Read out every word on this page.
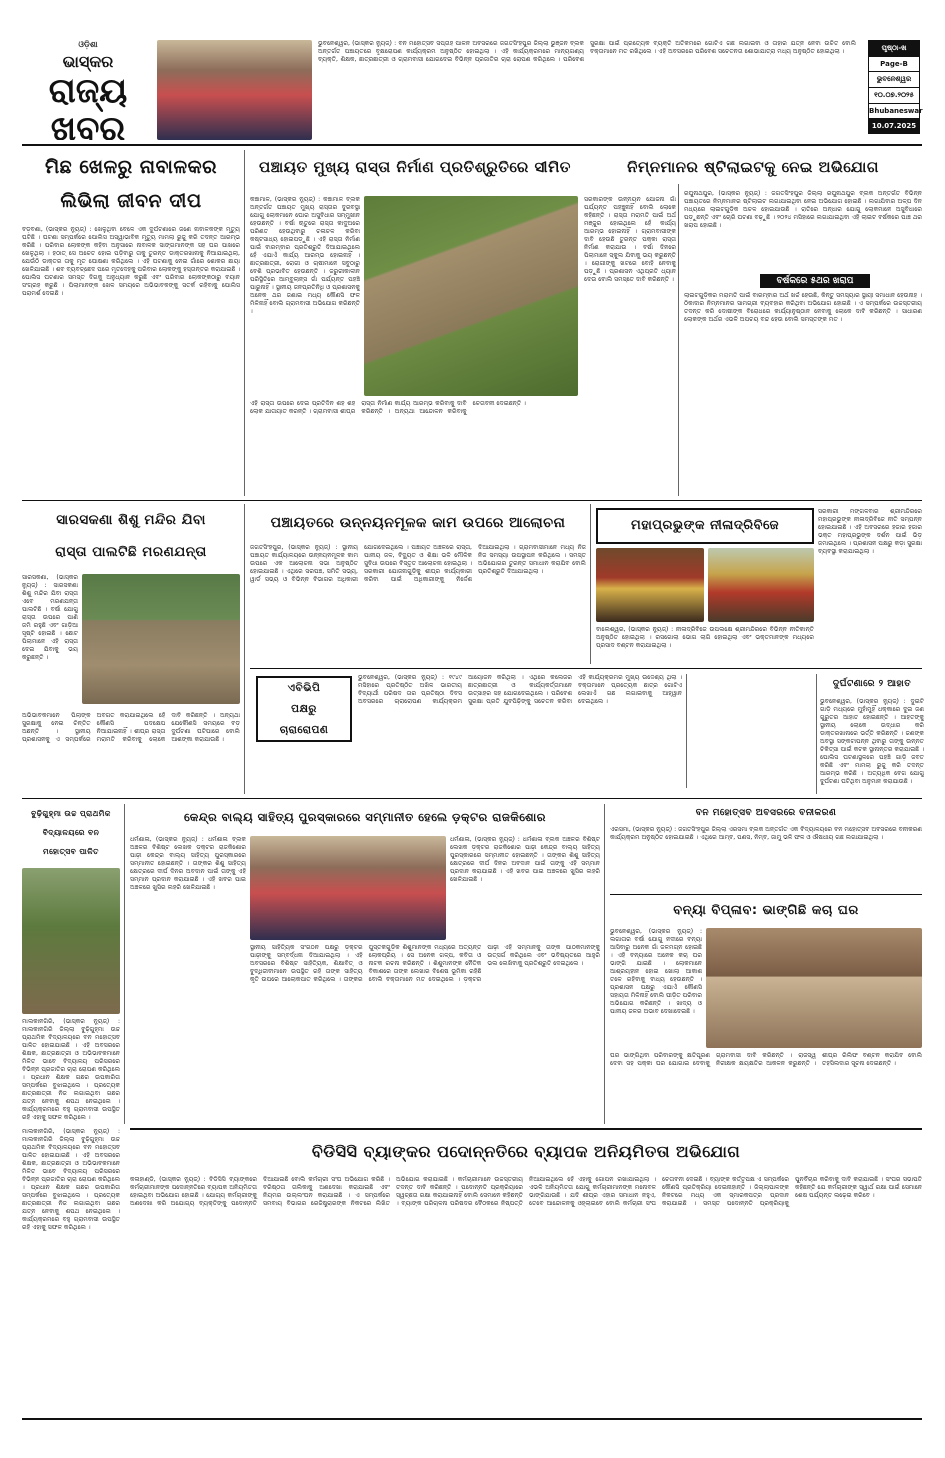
ଓଡ଼ିଶା
ଭାସ୍କର
ରାଜ୍ୟ
ଖବର
ଭୁବନେଶ୍ୱର, (ଭାସ୍କର ନ୍ୟୁଜ୍) : ବନ ମହୋତ୍ସବ ସପ୍ତାହ ପାଳନ ଅବସରରେ ଜଗତସିଂହପୁର ଜିଲ୍ଲା ଭୁଞ୍ଜନ ବ୍ଲକ ଅନ୍ତର୍ଗତ ପଞ୍ଚାୟତରେ ବୃକ୍ଷରୋପଣ କାର୍ଯ୍ୟକ୍ରମ ଅନୁଷ୍ଠିତ ହୋଇଥିଲା । ଏହି କାର୍ଯ୍ୟକ୍ରମରେ ମାନ୍ୟଗଣ୍ୟ ବ୍ୟକ୍ତି, ଶିକ୍ଷକ, ଛାତ୍ରଛାତ୍ରୀ ଓ ଗ୍ରାମବାସୀ ଯୋଗଦେଇ ବିଭିନ୍ନ ପ୍ରଜାତିର ଚାରା ରୋପଣ କରିଥିଲେ । ପରିବେଶ ସୁରକ୍ଷା ପାଇଁ ପ୍ରତ୍ୟେକ ବ୍ୟକ୍ତି ଅତିକମରେ ଗୋଟିଏ ଗଛ ଲଗାଇବା ଓ ତାହାର ଯତ୍ନ ନେବା ଉଚିତ ବୋଲି ବକ୍ତାମାନେ ମତ ରଖିଥିଲେ । ଏହି ଅବସରରେ ପରିବେଶ ସଚେତନତା ଶୋଭାଯାତ୍ରା ମଧ୍ୟ ଅନୁଷ୍ଠିତ ହୋଇଥିଲା ।	ପୃଷ୍ଠା-ଖ
Page-B
ଭୁବନେଶ୍ୱର
୧୦.୦୭.୨୦୨୫
Bhubaneswar
10.07.2025
ମିଛ ଖେଳରୁ ନାବାଳକର
ଲିଭିଲା ଜୀବନ ଦୀପ
ବଡ଼ବଣା, (ଭାସ୍କର ନ୍ୟୁଜ୍) : ଖେଳୁଥିବା ବେଳେ ଏକ ଦୁର୍ଘଟଣାରେ ଜଣେ ନାବାଳକଙ୍କ ମୃତ୍ୟୁ ଘଟିଛି । ଘଟଣା ସମ୍ପର୍କରେ ପୋଲିସ ଅସ୍ୱାଭାବିକ ମୃତ୍ୟୁ ମାମଲା ରୁଜୁ କରି ତଦନ୍ତ ଆରମ୍ଭ କରିଛି । ପରିବାର ଲୋକଙ୍କ କହିବା ଅନୁସାରେ ନାବାଳକ ସାଙ୍ଗମାନଙ୍କ ସହ ଘର ପାଖରେ ଖେଳୁଥିଲା । ହଠାତ୍ ସେ ଅଚେତ ହୋଇ ପଡ଼ିବାରୁ ତାକୁ ତୁରନ୍ତ ଡାକ୍ତରଖାନାକୁ ନିଆଯାଇଥିଲା, ଯେଉଁଠି ଡାକ୍ତର ତାକୁ ମୃତ ଘୋଷଣା କରିଥିଲେ । ଏହି ଘଟଣାକୁ ନେଇ ଗାଁରେ ଶୋକର ଛାୟା ଖେଳିଯାଇଛି । ଶବ ବ୍ୟବଚ୍ଛେଦ ପରେ ମୃତଦେହକୁ ପରିବାର ଲୋକଙ୍କୁ ହସ୍ତାନ୍ତର କରାଯାଇଛି । ପୋଲିସ ଘଟଣାର ସମସ୍ତ ଦିଗକୁ ଅନୁଧ୍ୟାନ କରୁଛି ଏବଂ ପରିବାର ଲୋକଙ୍କଠାରୁ ବୟାନ ସଂଗ୍ରହ କରୁଛି । ପିଲାମାନଙ୍କ ଖେଳ ସମୟରେ ଅଭିଭାବକଙ୍କୁ ସତର୍କ ରହିବାକୁ ପୋଲିସ ପରାମର୍ଶ ଦେଇଛି ।
ପଞ୍ଚାୟତ ମୁଖ୍ୟ ରାସ୍ତା ନିର୍ମାଣ ପ୍ରତିଶ୍ରୁତିରେ ସୀମିତ
କଞ୍ଚାମାଳ, (ଭାସ୍କର ନ୍ୟୁଜ୍) : କଞ୍ଚାମାଳ ବ୍ଲକ ଅନ୍ତର୍ଗତ ପଞ୍ଚାୟତ ମୁଖ୍ୟ ରାସ୍ତାର ଦୁରବସ୍ଥା ଯୋଗୁ ଲୋକମାନେ ଘୋର ଅସୁବିଧାର ସମ୍ମୁଖୀନ ହେଉଛନ୍ତି । ବର୍ଷା ଋତୁରେ ରାସ୍ତା କାଦୁଅରେ ପରିଣତ ହେଉଥିବାରୁ ଚଳାଚଳ କରିବା କଷ୍ଟସାଧ୍ୟ ହୋଇପଡ଼ୁଛି । ଏହି ରାସ୍ତା ନିର୍ମାଣ ପାଇଁ ବାରମ୍ବାର ପ୍ରତିଶ୍ରୁତି ଦିଆଯାଇଥିଲେ ହେଁ ଏଯାଏଁ କାର୍ଯ୍ୟ ଆରମ୍ଭ ହୋଇନାହିଁ । ଛାତ୍ରଛାତ୍ରୀ, ରୋଗୀ ଓ ଚାଷୀମାନେ ସବୁଠାରୁ ବେଶି ପ୍ରଭାବିତ ହେଉଛନ୍ତି । ଜରୁରୀକାଳୀନ ପରିସ୍ଥିତିରେ ଆମ୍ବୁଲାନ୍ସ ଗାଁ ପର୍ଯ୍ୟନ୍ତ ପହଞ୍ଚି ପାରୁନାହିଁ । ସ୍ଥାନୀୟ ଜନପ୍ରତିନିଧି ଓ ପ୍ରଶାସନକୁ ଅନେକ ଥର ଜଣାଇ ମଧ୍ୟ କୌଣସି ଫଳ ମିଳିନାହିଁ ବୋଲି ଗ୍ରାମବାସୀ ଅଭିଯୋଗ କରିଛନ୍ତି ।
ଏହି ରାସ୍ତା ଉପରେ ଦେଇ ପ୍ରତିଦିନ ଶହ ଶହ ଲୋକ ଯାତାୟାତ କରନ୍ତି । ଗ୍ରାମବାସୀ ଶୀଘ୍ର ରାସ୍ତା ନିର୍ମାଣ କାର୍ଯ୍ୟ ଆରମ୍ଭ କରିବାକୁ ଦାବି କରିଛନ୍ତି । ଅନ୍ୟଥା ଆନ୍ଦୋଳନ କରିବାକୁ ଚେତାବନୀ ଦେଇଛନ୍ତି ।
ସରକାରଙ୍କ ଉନ୍ନୟନ ଯୋଜନା ଗାଁ ପର୍ଯ୍ୟନ୍ତ ପହଞ୍ଚୁନାହିଁ ବୋଲି ଲୋକେ କହିଛନ୍ତି । ରାସ୍ତା ମରାମତି ପାଇଁ ଅର୍ଥ ମଞ୍ଜୁର ହୋଇଥିଲେ ହେଁ କାର୍ଯ୍ୟ ଆରମ୍ଭ ହୋଇନାହିଁ । ଗ୍ରାମବାସୀଙ୍କ ଦାବି ହେଉଛି ତୁରନ୍ତ ପକ୍କା ରାସ୍ତା ନିର୍ମାଣ କରାଯାଉ । ବର୍ଷା ଦିନରେ ପିଲାମାନେ ସ୍କୁଲ ଯିବାକୁ ଭୟ କରୁଛନ୍ତି । ରୋଗୀଙ୍କୁ ଖଟରେ ବୋହି ନେବାକୁ ପଡ଼ୁଛି । ପ୍ରଶାସନ ଏଥିପ୍ରତି ଧ୍ୟାନ ଦେଉ ବୋଲି ସମସ୍ତେ ଦାବି କରିଛନ୍ତି ।
ନିମ୍ନମାନର ଷ୍ଟିଲାଇଟକୁ ନେଇ ଅଭିଯୋଗ
ରଘୁନାଥପୁର, (ଭାସ୍କର ନ୍ୟୁଜ୍) : ଜଗତସିଂହପୁର ଜିଲ୍ଲା ରଘୁନାଥପୁର ବ୍ଲକ ଅନ୍ତର୍ଗତ ବିଭିନ୍ନ ପଞ୍ଚାୟତରେ ନିମ୍ନମାନର ଷ୍ଟିଲାଇଟ ଲଗାଯାଇଥିବା ନେଇ ଅଭିଯୋଗ ହୋଇଛି । ଲଗାଯିବାର ଅଳ୍ପ ଦିନ ମଧ୍ୟରେ ଲାଇଟଗୁଡ଼ିକ ଅଚଳ ହୋଇଯାଉଛି । ରାତିରେ ଅନ୍ଧାର ଯୋଗୁ ଲୋକମାନେ ଅସୁବିଧାରେ ପଡ଼ୁଛନ୍ତି ଏବଂ ଚୋରି ଘଟଣା ବଢ଼ୁଛି । ୨୦୨୪ ମସିହାରେ ଲଗାଯାଇଥିବା ଏହି ଲାଇଟ ବର୍ଷକରେ ପାଞ୍ଚ ଥର ଖରାପ ହୋଇଛି ।
ବର୍ଷକରେ ୫ଥର ଖରାପ
ଲାଇଟଗୁଡ଼ିକର ମରାମତି ପାଇଁ ବାରମ୍ବାର ଅର୍ଥ ଖର୍ଚ୍ଚ ହେଉଛି, କିନ୍ତୁ ସମସ୍ୟାର ସ୍ଥାୟୀ ସମାଧାନ ହେଉନାହିଁ । ଠିକାଦାର ନିମ୍ନମାନର ସାମଗ୍ରୀ ବ୍ୟବହାର କରିଥିବା ଅଭିଯୋଗ ହୋଇଛି । ଏ ସମ୍ପର୍କରେ ଉଚ୍ଚସ୍ତରୀୟ ତଦନ୍ତ କରି ଦୋଷୀଙ୍କ ବିରୋଧରେ କାର୍ଯ୍ୟାନୁଷ୍ଠାନ ନେବାକୁ ଲୋକେ ଦାବି କରିଛନ୍ତି । ସାଧାରଣ ଲୋକଙ୍କ ଅର୍ଥର ଏଭଳି ଅପଚୟ ବନ୍ଦ ହେଉ ବୋଲି ସମସ୍ତଙ୍କ ମତ ।
ସାରସକଣା ଶିଶୁ ମନ୍ଦିର ଯିବା
ରାସ୍ତା ପାଲଟିଛି ମରଣଯନ୍ତା
ସାରସକଣା, (ଭାସ୍କର ନ୍ୟୁଜ୍) : ସାରସକଣା ଶିଶୁ ମନ୍ଦିର ଯିବା ରାସ୍ତା ଏବେ ମରଣଯନ୍ତା ପାଲଟିଛି । ବର୍ଷା ଯୋଗୁ ରାସ୍ତା ଉପରେ ପାଣି ଜମି ରହୁଛି ଏବଂ ଗାଡ଼ିଆ ସୃଷ୍ଟି ହୋଇଛି । ଛୋଟ ପିଲାମାନେ ଏହି ରାସ୍ତା ଦେଇ ଯିବାକୁ ଭୟ କରୁଛନ୍ତି ।
ଅଭିଭାବକମାନେ ପିଲାଙ୍କ ସୁରକ୍ଷାକୁ ନେଇ ଚିନ୍ତିତ ଅଛନ୍ତି । ସ୍ଥାନୀୟ ପ୍ରଶାସନକୁ ଏ ସମ୍ପର୍କରେ ଅବଗତ କରାଯାଇଥିଲେ ହେଁ କୌଣସି ପଦକ୍ଷେପ ନିଆଯାଇନାହିଁ । ଶୀଘ୍ର ରାସ୍ତା ମରାମତି କରିବାକୁ ଲୋକେ ଦାବି କରିଛନ୍ତି । ଅନ୍ୟଥା ଯେକୌଣସି ସମୟରେ ବଡ଼ ଦୁର୍ଘଟଣା ଘଟିପାରେ ବୋଲି ଆଶଙ୍କା କରାଯାଉଛି ।
ପଞ୍ଚାୟତରେ ଉନ୍ନୟନମୂଳକ କାମ ଉପରେ ଆଲୋଚନା
ଜଗତସିଂହପୁର, (ଭାସ୍କର ନ୍ୟୁଜ୍) : ସ୍ଥାନୀୟ ପଞ୍ଚାୟତ କାର୍ଯ୍ୟାଳୟରେ ଉନ୍ନୟନମୂଳକ କାମ ଉପରେ ଏକ ଆଲୋଚନା ସଭା ଅନୁଷ୍ଠିତ ହୋଇଯାଇଛି । ଏଥିରେ ସରପଞ୍ଚ, ସମିତି ସଭ୍ୟ, ୱାର୍ଡ ସଭ୍ୟ ଓ ବିଭିନ୍ନ ବିଭାଗର ଅଧିକାରୀ ଯୋଗଦେଇଥିଲେ । ପଞ୍ଚାୟତ ଅଞ୍ଚଳରେ ରାସ୍ତା, ପାନୀୟ ଜଳ, ବିଦ୍ୟୁତ ଓ ଶିକ୍ଷା ଭଳି ମୌଳିକ ସୁବିଧା ଉପରେ ବିସ୍ତୃତ ଆଲୋଚନା ହୋଇଥିଲା । ସରକାରୀ ଯୋଜନାଗୁଡ଼ିକୁ ଶୀଘ୍ର କାର୍ଯ୍ୟକାରୀ କରିବା ପାଇଁ ଅଧିକାରୀଙ୍କୁ ନିର୍ଦ୍ଦେଶ ଦିଆଯାଇଥିଲା । ଗ୍ରାମବାସୀମାନେ ମଧ୍ୟ ନିଜ ନିଜ ସମସ୍ୟା ଉପସ୍ଥାପନ କରିଥିଲେ । ସମସ୍ତ ଅଭିଯୋଗର ତୁରନ୍ତ ସମାଧାନ କରାଯିବ ବୋଲି ପ୍ରତିଶ୍ରୁତି ଦିଆଯାଇଥିଲା ।
ମହାପ୍ରଭୁଙ୍କ ନୀଳାଦ୍ରିବିଜେ
ବାଲେଶ୍ୱର, (ଭାସ୍କର ନ୍ୟୁଜ୍) : ନୀଳାଦ୍ରିବିଜେ ଉପଲକ୍ଷେ ଶ୍ରୀମନ୍ଦିରରେ ବିଭିନ୍ନ ନୀତିକାନ୍ତି ଅନୁଷ୍ଠିତ ହୋଇଥିଲା । ରସଗୋଲା ଭୋଗ ଲାଗି ହୋଇଥିଲା ଏବଂ ଭକ୍ତମାନଙ୍କ ମଧ୍ୟରେ ପ୍ରସାଦ ବଣ୍ଟନ କରାଯାଇଥିଲା ।
ସରକାରୀ ମଙ୍ଗଳବାର ଶ୍ରୀମନ୍ଦିରରେ ମହାପ୍ରଭୁଙ୍କ ନୀଳାଦ୍ରିବିଜେ ନୀତି ସମ୍ପନ୍ନ ହୋଇଯାଇଛି । ଏହି ଅବସରରେ ହଜାର ହଜାର ଭକ୍ତ ମହାପ୍ରଭୁଙ୍କ ଦର୍ଶନ ପାଇଁ ଭିଡ଼ ଜମାଇଥିଲେ । ପ୍ରଶାସନ ପକ୍ଷରୁ କଡ଼ା ସୁରକ୍ଷା ବ୍ୟବସ୍ଥା କରାଯାଇଥିଲା ।
ଏବିଭିପି
ପକ୍ଷରୁ
ଚାରାରୋପଣ
ଭୁବନେଶ୍ୱର, (ଭାସ୍କର ନ୍ୟୁଜ୍) : ୧୯୪୯ ମସିହାରେ ପ୍ରତିଷ୍ଠିତ ଅଖିଳ ଭାରତୀୟ ବିଦ୍ୟାର୍ଥୀ ପରିଷଦ ତାର ପ୍ରତିଷ୍ଠା ଦିବସ ଅବସରରେ ଚାରାରୋପଣ କାର୍ଯ୍ୟକ୍ରମ ଆୟୋଜନ କରିଥିଲା । ଏଥିରେ କଲେଜର ଛାତ୍ରଛାତ୍ରୀ ଓ କାର୍ଯ୍ୟକର୍ତ୍ତାମାନେ ଉତ୍ସାହର ସହ ଯୋଗଦେଇଥିଲେ । ପରିବେଶ ସୁରକ୍ଷା ପ୍ରତି ଯୁବପିଢ଼ିଙ୍କୁ ସଚେତନ କରିବା ଏହି କାର୍ଯ୍ୟକ୍ରମର ମୁଖ୍ୟ ଉଦ୍ଦେଶ୍ୟ ଥିଲା । ବକ୍ତାମାନେ ପ୍ରତ୍ୟେକ ଛାତ୍ର ଗୋଟିଏ ଲେଖାଏଁ ଗଛ ଲଗାଇବାକୁ ଆହ୍ୱାନ ଦେଇଥିଲେ ।
ଦୁର୍ଘଟଣାରେ ୨ ଆହାତ
ଭୁବନେଶ୍ୱର, (ଭାସ୍କର ନ୍ୟୁଜ୍) : ଦୁଇଟି ଗାଡ଼ି ମଧ୍ୟରେ ମୁହାଁମୁହିଁ ଧକ୍କାରେ ଦୁଇ ଜଣ ଗୁରୁତର ଆହାତ ହୋଇଛନ୍ତି । ଆହତଙ୍କୁ ସ୍ଥାନୀୟ ଲୋକେ ଉଦ୍ଧାର କରି ଡାକ୍ତରଖାନାରେ ଭର୍ତ୍ତି କରିଛନ୍ତି । ଜଣଙ୍କ ଅବସ୍ଥା ସଙ୍କଟାପନ୍ନ ଥିବାରୁ ତାଙ୍କୁ ଉନ୍ନତ ଚିକିତ୍ସା ପାଇଁ କଟକ ସ୍ଥାନାନ୍ତର କରାଯାଇଛି । ପୋଲିସ ଘଟଣାସ୍ଥଳରେ ପହଞ୍ଚି ଗାଡ଼ି ଜବତ କରିଛି ଏବଂ ମାମଲା ରୁଜୁ କରି ତଦନ୍ତ ଆରମ୍ଭ କରିଛି । ଅତ୍ୟଧିକ ବେଗ ଯୋଗୁ ଦୁର୍ଘଟଣା ଘଟିଥିବା ଅନୁମାନ କରାଯାଉଛି ।
ବୁଢ଼ିଗୁହ୍ମା ଉଚ୍ଚ ପ୍ରାଥମିକ
ବିଦ୍ୟାଳୟରେ ବନ
ମହୋତ୍ସବ ପାଳିତ
ମାଲକାନଗିରି, (ଭାସ୍କର ନ୍ୟୁଜ୍) : ମାଲକାନଗିରି ଜିଲ୍ଲା ବୁଢ଼ିଗୁହ୍ମା ଉଚ୍ଚ ପ୍ରାଥମିକ ବିଦ୍ୟାଳୟରେ ବନ ମହୋତ୍ସବ ପାଳିତ ହୋଇଯାଇଛି । ଏହି ଅବସରରେ ଶିକ୍ଷକ, ଛାତ୍ରଛାତ୍ରୀ ଓ ଅଭିଭାବକମାନେ ମିଳିତ ଭାବେ ବିଦ୍ୟାଳୟ ପରିସରରେ ବିଭିନ୍ନ ପ୍ରଜାତିର ଚାରା ରୋପଣ କରିଥିଲେ । ପ୍ରଧାନ ଶିକ୍ଷକ ଗଛର ଉପକାରିତା ସମ୍ପର୍କରେ ବୁଝାଇଥିଲେ । ପ୍ରତ୍ୟେକ ଛାତ୍ରଛାତ୍ରୀ ନିଜ ଲଗାଇଥିବା ଗଛର ଯତ୍ନ ନେବାକୁ ଶପଥ ନେଇଥିଲେ । କାର୍ଯ୍ୟକ୍ରମରେ ବହୁ ଗ୍ରାମବାସୀ ଉପସ୍ଥିତ ରହି ଏହାକୁ ସଫଳ କରିଥିଲେ ।
କେନ୍ଦ୍ର ବାଲ୍ୟ ସାହିତ୍ୟ ପୁରସ୍କାରରେ ସମ୍ମାନୀତ ହେଲେ ଡ଼କ୍ଟର ରାଜକିଶୋର
ଧର୍ମଶାଳା, (ଭାସ୍କର ନ୍ୟୁଜ୍) : ଧର୍ମଶାଳା ବ୍ଲକ ଅଞ୍ଚଳର ବିଶିଷ୍ଟ ଲେଖକ ଡ଼କ୍ଟର ରାଜକିଶୋର ପାଢ଼ୀ କେନ୍ଦ୍ର ବାଲ୍ୟ ସାହିତ୍ୟ ପୁରସ୍କାରରେ ସମ୍ମାନୀତ ହୋଇଛନ୍ତି । ତାଙ୍କର ଶିଶୁ ସାହିତ୍ୟ କ୍ଷେତ୍ରରେ ଦୀର୍ଘ ଦିନର ଅବଦାନ ପାଇଁ ତାଙ୍କୁ ଏହି ସମ୍ମାନ ପ୍ରଦାନ କରାଯାଇଛି । ଏହି ଖବର ପାଇ ଅଞ୍ଚଳରେ ଖୁସିର ଲହରି ଖେଳିଯାଇଛି ।
ଧର୍ମଶାଳା, (ଭାସ୍କର ନ୍ୟୁଜ୍) : ଧର୍ମଶାଳା ବ୍ଲକ ଅଞ୍ଚଳର ବିଶିଷ୍ଟ ଲେଖକ ଡ଼କ୍ଟର ରାଜକିଶୋର ପାଢ଼ୀ କେନ୍ଦ୍ର ବାଲ୍ୟ ସାହିତ୍ୟ ପୁରସ୍କାରରେ ସମ୍ମାନୀତ ହୋଇଛନ୍ତି । ତାଙ୍କର ଶିଶୁ ସାହିତ୍ୟ କ୍ଷେତ୍ରରେ ଦୀର୍ଘ ଦିନର ଅବଦାନ ପାଇଁ ତାଙ୍କୁ ଏହି ସମ୍ମାନ ପ୍ରଦାନ କରାଯାଇଛି । ଏହି ଖବର ପାଇ ଅଞ୍ଚଳରେ ଖୁସିର ଲହରି ଖେଳିଯାଇଛି ।
ସ୍ଥାନୀୟ ସାହିତ୍ୟିକ ସଂଗଠନ ପକ୍ଷରୁ ଡ଼କ୍ଟର ପାଢ଼ୀଙ୍କୁ ସମ୍ବର୍ଦ୍ଧନା ଦିଆଯାଇଥିଲା । ଏହି ଅବସରରେ ବିଶିଷ୍ଟ ସାହିତ୍ୟିକ, ଶିକ୍ଷାବିତ୍ ଓ ବୁଦ୍ଧିଜୀବୀମାନେ ଉପସ୍ଥିତ ରହି ତାଙ୍କ ସାହିତ୍ୟ କୃତି ଉପରେ ଆଲୋକପାତ କରିଥିଲେ । ତାଙ୍କର ପୁସ୍ତକଗୁଡ଼ିକ ଶିଶୁମାନଙ୍କ ମଧ୍ୟରେ ଅତ୍ୟନ୍ତ ଲୋକପ୍ରିୟ । ସେ ଅନେକ ଗଳ୍ପ, କବିତା ଓ ନାଟକ ରଚନା କରିଛନ୍ତି । ଶିଶୁମାନଙ୍କ ନୈତିକ ବିକାଶରେ ତାଙ୍କ ଲେଖାର ବିଶେଷ ଭୂମିକା ରହିଛି ବୋଲି ବକ୍ତାମାନେ ମତ ଦେଇଥିଲେ । ଡ଼କ୍ଟର ପାଢ଼ୀ ଏହି ସମ୍ମାନକୁ ତାଙ୍କ ପାଠକମାନଙ୍କୁ ଉତ୍ସର୍ଗ କରିଥିଲେ ଏବଂ ଭବିଷ୍ୟତରେ ଆହୁରି ଭଲ ଲେଖିବାକୁ ପ୍ରତିଶ୍ରୁତି ଦେଇଥିଲେ ।
ବନ ମହୋତ୍ସବ ଅବସରରେ ବନୀକରଣ
ଏରସମା, (ଭାସ୍କର ନ୍ୟୁଜ୍) : ଜଗତସିଂହପୁର ଜିଲ୍ଲା ଏରସମା ବ୍ଲକ ଅନ୍ତର୍ଗତ ଏକ ବିଦ୍ୟାଳୟରେ ବନ ମହୋତ୍ସବ ଅବସରରେ ବନୀକରଣ କାର୍ଯ୍ୟକ୍ରମ ଅନୁଷ୍ଠିତ ହୋଇଯାଇଛି । ଏଥିରେ ଆମ୍ବ, ପଣସ, ନିମ୍ବ, ଜାମୁ ଭଳି ଫଳ ଓ ଔଷଧୀୟ ଗଛ ଲଗାଯାଇଥିଲା ।
ବନ୍ୟା ବିପ୍ଳାବ: ଭାଙ୍ଗିଛି କଚା ଘର
ଭୁବନେଶ୍ୱର, (ଭାସ୍କର ନ୍ୟୁଜ୍) : ଲଗାତାର ବର୍ଷା ଯୋଗୁ ନଦୀରେ ବନ୍ୟା ଆସିବାରୁ ଅନେକ ଗାଁ ଜଳମଗ୍ନ ହୋଇଛି । ଏହି ବନ୍ୟାରେ ଅନେକ କଚା ଘର ଭାଙ୍ଗି ଯାଇଛି । ଲୋକମାନେ ଆଶ୍ରୟହୀନ ହୋଇ ଖୋଲା ଆକାଶ ତଳେ ରହିବାକୁ ବାଧ୍ୟ ହେଉଛନ୍ତି । ପ୍ରଶାସନ ପକ୍ଷରୁ ଏଯାଏଁ କୌଣସି ସହାୟତା ମିଳିନାହିଁ ବୋଲି ପୀଡ଼ିତ ପରିବାର ଅଭିଯୋଗ କରିଛନ୍ତି । ଖାଦ୍ୟ ଓ ପାନୀୟ ଜଳର ଅଭାବ ଦେଖାଦେଇଛି ।
ଘର ଭାଙ୍ଗିଥିବା ପରିବାରଙ୍କୁ କ୍ଷତିପୂରଣ ଦେବା ସହ ପକ୍କା ଘର ଯୋଗାଇ ଦେବାକୁ ଗ୍ରାମବାସୀ ଦାବି କରିଛନ୍ତି । ରାଜସ୍ୱ ନିରୀକ୍ଷକ କ୍ଷୟକ୍ଷତିର ଆକଳନ କରୁଛନ୍ତି । ଶୀଘ୍ର ରିଲିଫ ବଣ୍ଟନ କରାଯିବ ବୋଲି ତହସିଲଦାର ସୂଚନା ଦେଇଛନ୍ତି ।
ବିଡିସିସି ବ୍ୟାଙ୍କର ପଦୋନ୍ନତିରେ ବ୍ୟାପକ ଅନିୟମିତତା ଅଭିଯୋଗ
ମାଲକାନଗିରି, (ଭାସ୍କର ନ୍ୟୁଜ୍) : ମାଲକାନଗିରି ଜିଲ୍ଲା ବୁଢ଼ିଗୁହ୍ମା ଉଚ୍ଚ ପ୍ରାଥମିକ ବିଦ୍ୟାଳୟରେ ବନ ମହୋତ୍ସବ ପାଳିତ ହୋଇଯାଇଛି । ଏହି ଅବସରରେ ଶିକ୍ଷକ, ଛାତ୍ରଛାତ୍ରୀ ଓ ଅଭିଭାବକମାନେ ମିଳିତ ଭାବେ ବିଦ୍ୟାଳୟ ପରିସରରେ ବିଭିନ୍ନ ପ୍ରଜାତିର ଚାରା ରୋପଣ କରିଥିଲେ । ପ୍ରଧାନ ଶିକ୍ଷକ ଗଛର ଉପକାରିତା ସମ୍ପର୍କରେ ବୁଝାଇଥିଲେ । ପ୍ରତ୍ୟେକ ଛାତ୍ରଛାତ୍ରୀ ନିଜ ଲଗାଇଥିବା ଗଛର ଯତ୍ନ ନେବାକୁ ଶପଥ ନେଇଥିଲେ । କାର୍ଯ୍ୟକ୍ରମରେ ବହୁ ଗ୍ରାମବାସୀ ଉପସ୍ଥିତ ରହି ଏହାକୁ ସଫଳ କରିଥିଲେ ।
କଳାହାଣ୍ଡି, (ଭାସ୍କର ନ୍ୟୁଜ୍) : ବିଡିସିସି ବ୍ୟାଙ୍କରେ କର୍ମଚାରୀମାନଙ୍କ ପଦୋନ୍ନତିରେ ବ୍ୟାପକ ଅନିୟମିତତା ହୋଇଥିବା ଅଭିଯୋଗ ହୋଇଛି । ଯୋଗ୍ୟ କର୍ମଚାରୀଙ୍କୁ ଅଣଦେଖା କରି ଅଯୋଗ୍ୟ ବ୍ୟକ୍ତିଙ୍କୁ ପଦୋନ୍ନତି ଦିଆଯାଇଛି ବୋଲି କର୍ମଚାରୀ ସଂଘ ଅଭିଯୋଗ କରିଛି । ବରିଷ୍ଠତା ତାଲିକାକୁ ଅଣଦେଖା କରାଯାଇଛି ଏବଂ ନିୟମର ଉଲ୍ଲଂଘନ କରାଯାଇଛି । ଏ ସମ୍ପର୍କରେ ସମବାୟ ବିଭାଗର ରେଜିଷ୍ଟ୍ରାରଙ୍କ ନିକଟରେ ଲିଖିତ ଅଭିଯୋଗ କରାଯାଇଛି । କର୍ମଚାରୀମାନେ ଉଚ୍ଚସ୍ତରୀୟ ତଦନ୍ତ ଦାବି କରିଛନ୍ତି । ପଦୋନ୍ନତି ପ୍ରକ୍ରିୟାରେ ସ୍ୱଚ୍ଛତା ରକ୍ଷା କରାଯାଇନାହିଁ ବୋଲି ସେମାନେ କହିଛନ୍ତି । ବ୍ୟାଙ୍କ ପରିଚାଳନା ପରିଷଦର ବୈଠକରେ ନିଷ୍ପତ୍ତି ନିଆଯାଇଥିଲେ ହେଁ ଏହାକୁ ଗୋପନ ରଖାଯାଇଥିଲା । ଏଭଳି ଅନିୟମିତତା ଯୋଗୁ କର୍ମଚାରୀମାନଙ୍କ ମନୋବଳ ଭାଙ୍ଗିଯାଉଛି । ଯଦି ଶୀଘ୍ର ଏହାର ସମାଧାନ ନହୁଏ, ତେବେ ଆନ୍ଦୋଳନକୁ ଓହ୍ଲାଇବେ ବୋଲି କର୍ମଚାରୀ ସଂଘ ଚେତାବନୀ ଦେଇଛି । ବ୍ୟାଙ୍କ କର୍ତ୍ତୃପକ୍ଷ ଏ ସମ୍ପର୍କରେ କୌଣସି ପ୍ରତିକ୍ରିୟା ଦେଇନାହାନ୍ତି । ଜିଲ୍ଲାପାଳଙ୍କ ନିକଟରେ ମଧ୍ୟ ଏକ ସ୍ମାରକପତ୍ର ପ୍ରଦାନ କରାଯାଇଛି । ସମସ୍ତ ପଦୋନ୍ନତି ପ୍ରକ୍ରିୟାକୁ ପୁନର୍ବିଚାର କରିବାକୁ ଦାବି କରାଯାଇଛି । ସଂଘର ସଭାପତି କହିଛନ୍ତି ଯେ କର୍ମଚାରୀଙ୍କ ସ୍ୱାର୍ଥ ରକ୍ଷା ପାଇଁ ସେମାନେ ଶେଷ ପର୍ଯ୍ୟନ୍ତ ଲଢ଼େଇ କରିବେ ।
